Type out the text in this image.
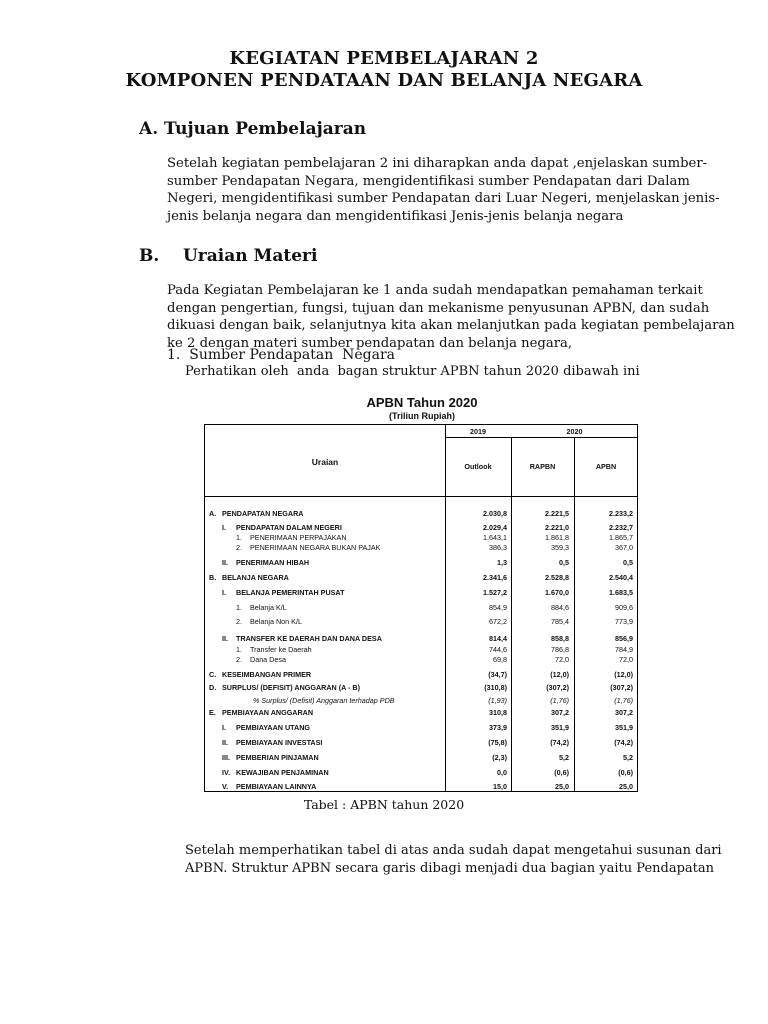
KEGIATAN PEMBELAJARAN 2
KOMPONEN PENDATAAN DAN BELANJA NEGARA
A. Tujuan Pembelajaran
Setelah kegiatan pembelajaran 2 ini diharapkan anda dapat ,enjelaskan sumber-
sumber Pendapatan Negara, mengidentifikasi sumber Pendapatan dari Dalam
Negeri, mengidentifikasi sumber Pendapatan dari Luar Negeri, menjelaskan jenis-
jenis belanja negara dan mengidentifikasi Jenis-jenis belanja negara
B.    Uraian Materi
Pada Kegiatan Pembelajaran ke 1 anda sudah mendapatkan pemahaman terkait
dengan pengertian, fungsi, tujuan dan mekanisme penyusunan APBN, dan sudah
dikuasi dengan baik, selanjutnya kita akan melanjutkan pada kegiatan pembelajaran
ke 2 dengan materi sumber pendapatan dan belanja negara,
1.  Sumber Pendapatan  Negara
Perhatikan oleh  anda  bagan struktur APBN tahun 2020 dibawah ini
APBN Tahun 2020
(Triliun Rupiah)
Uraian
2019	2020
Outlook	RAPBN	APBN
A. PENDAPATAN NEGARA	2.030,8	2.221,5	2.233,2
I. PENDAPATAN DALAM NEGERI	2.029,4	2.221,0	2.232,7
1. PENERIMAAN PERPAJAKAN	1.643,1	1.861,8	1.865,7
2. PENERIMAAN NEGARA BUKAN PAJAK	386,3	359,3	367,0
II. PENERIMAAN HIBAH	1,3	0,5	0,5
B. BELANJA NEGARA	2.341,6	2.528,8	2.540,4
I. BELANJA PEMERINTAH PUSAT	1.527,2	1.670,0	1.683,5
1. Belanja K/L	854,9	884,6	909,6
2. Belanja Non K/L	672,2	785,4	773,9
II. TRANSFER KE DAERAH DAN DANA DESA	814,4	858,8	856,9
1. Transfer ke Daerah	744,6	786,8	784,9
2. Dana Desa	69,8	72,0	72,0
C. KESEIMBANGAN PRIMER	(34,7)	(12,0)	(12,0)
D. SURPLUS/ (DEFISIT) ANGGARAN (A - B)	(310,8)	(307,2)	(307,2)
% Surplus/ (Defisit) Anggaran terhadap PDB	(1,93)	(1,76)	(1,76)
E. PEMBIAYAAN ANGGARAN	310,8	307,2	307,2
I. PEMBIAYAAN UTANG	373,9	351,9	351,9
II. PEMBIAYAAN INVESTASI	(75,8)	(74,2)	(74,2)
III. PEMBERIAN PINJAMAN	(2,3)	5,2	5,2
IV. KEWAJIBAN PENJAMINAN	0,0	(0,6)	(0,6)
V. PEMBIAYAAN LAINNYA	15,0	25,0	25,0
Tabel : APBN tahun 2020
Setelah memperhatikan tabel di atas anda sudah dapat mengetahui susunan dari
APBN. Struktur APBN secara garis dibagi menjadi dua bagian yaitu Pendapatan
